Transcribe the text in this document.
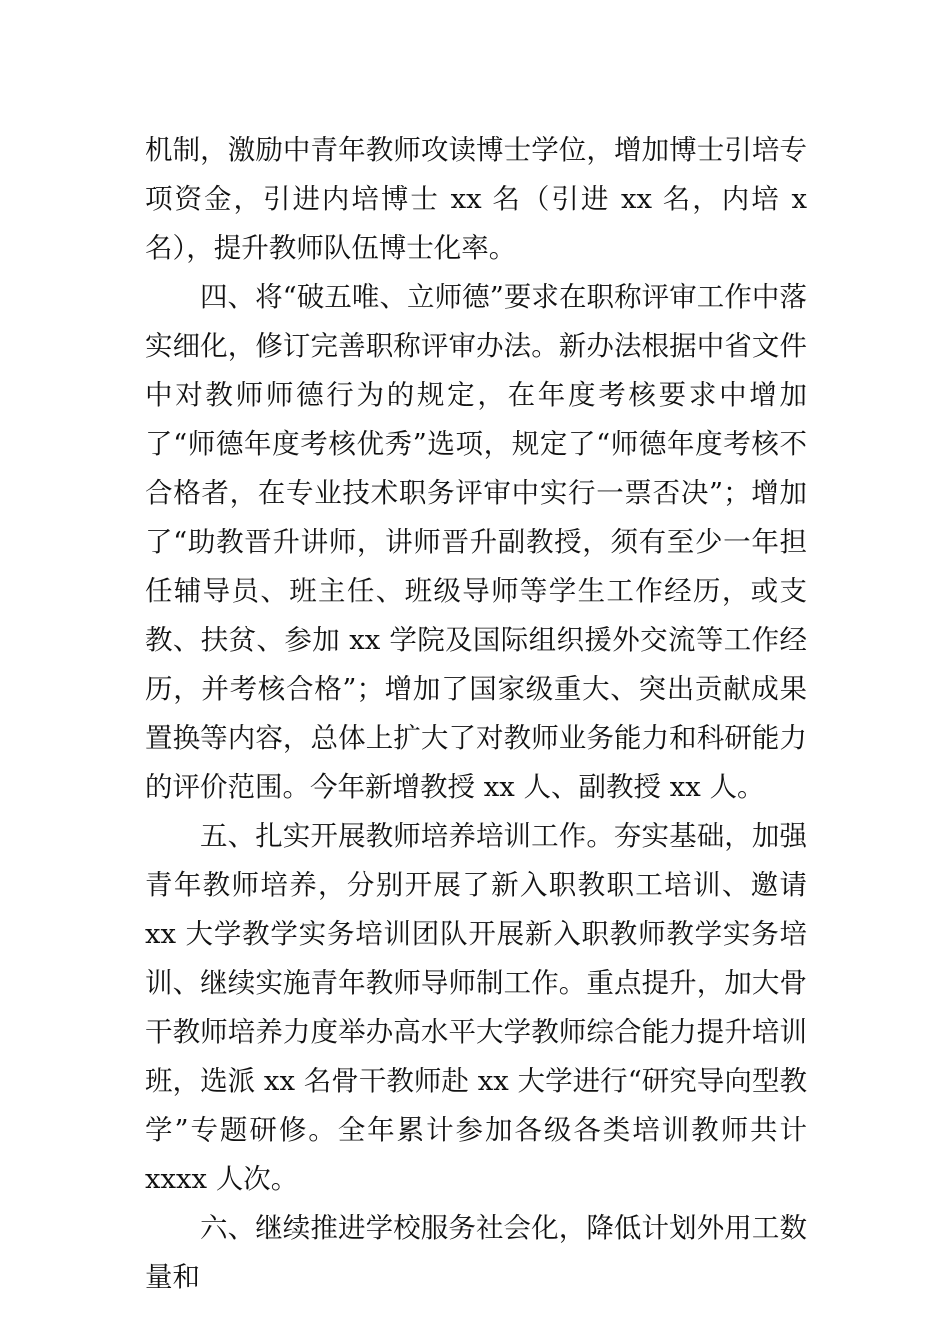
机制，激励中青年教师攻读博士学位，增加博士引培专项资金，引进内培博士 xx 名（引进 xx 名，内培 x 名），提升教师队伍博士化率。

四、将“破五唯、立师德”要求在职称评审工作中落实细化，修订完善职称评审办法。新办法根据中省文件中对教师师德行为的规定，在年度考核要求中增加了“师德年度考核优秀”选项，规定了“师德年度考核不合格者，在专业技术职务评审中实行一票否决”；增加了“助教晋升讲师，讲师晋升副教授，须有至少一年担任辅导员、班主任、班级导师等学生工作经历，或支教、扶贫、参加 xx 学院及国际组织援外交流等工作经历，并考核合格”；增加了国家级重大、突出贡献成果置换等内容，总体上扩大了对教师业务能力和科研能力的评价范围。今年新增教授 xx 人、副教授 xx 人。

五、扎实开展教师培养培训工作。夯实基础，加强青年教师培养，分别开展了新入职教职工培训、邀请 xx 大学教学实务培训团队开展新入职教师教学实务培训、继续实施青年教师导师制工作。重点提升，加大骨干教师培养力度举办高水平大学教师综合能力提升培训班，选派 xx 名骨干教师赴 xx 大学进行“研究导向型教学”专题研修。全年累计参加各级各类培训教师共计 xxxx 人次。

六、继续推进学校服务社会化，降低计划外用工数量和
